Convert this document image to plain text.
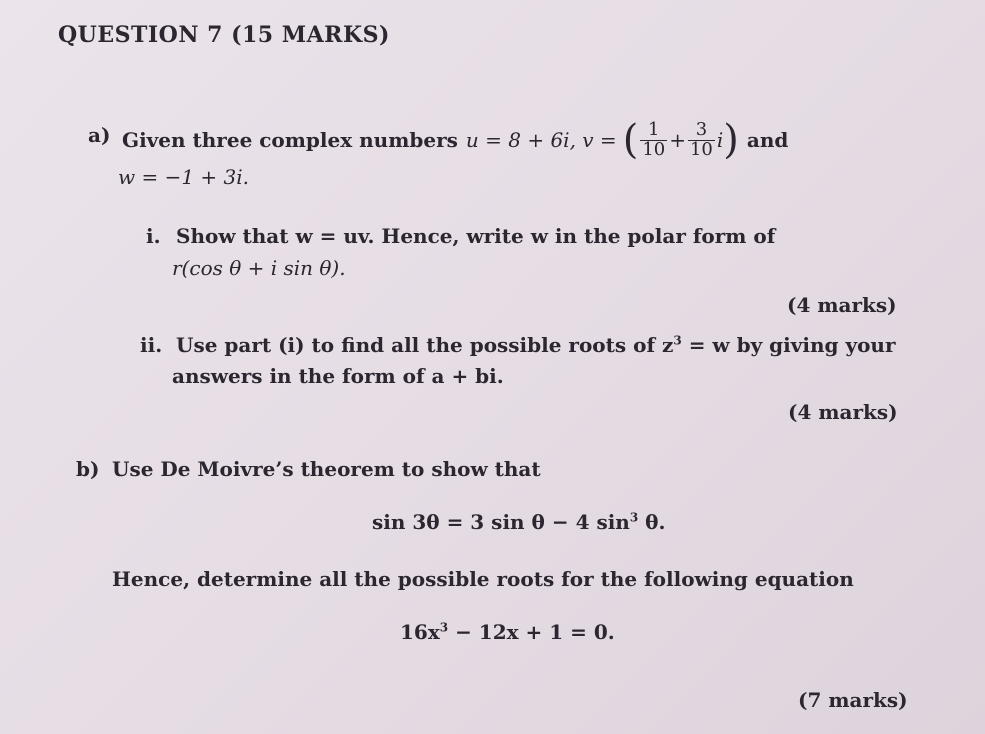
QUESTION 7 (15 MARKS)
a) Given three complex numbers u = 8 + 6i, v = ( $\frac{1}{10} + \frac{3}{10}$ i ) and
w = −1 + 3i.
i. Show that w = uv. Hence, write w in the polar form of
r(cos θ + i sin θ).
(4 marks)
ii. Use part (i) to find all the possible roots of $z^3 = w$ by giving your
answers in the form of a + bi.
(4 marks)
b) Use De Moivre’s theorem to show that
sin 3θ = 3 sin θ − 4 $\sin^3 \theta$.
Hence, determine all the possible roots for the following equation
$16x^3 - 12x + 1 = 0$.
(7 marks)
